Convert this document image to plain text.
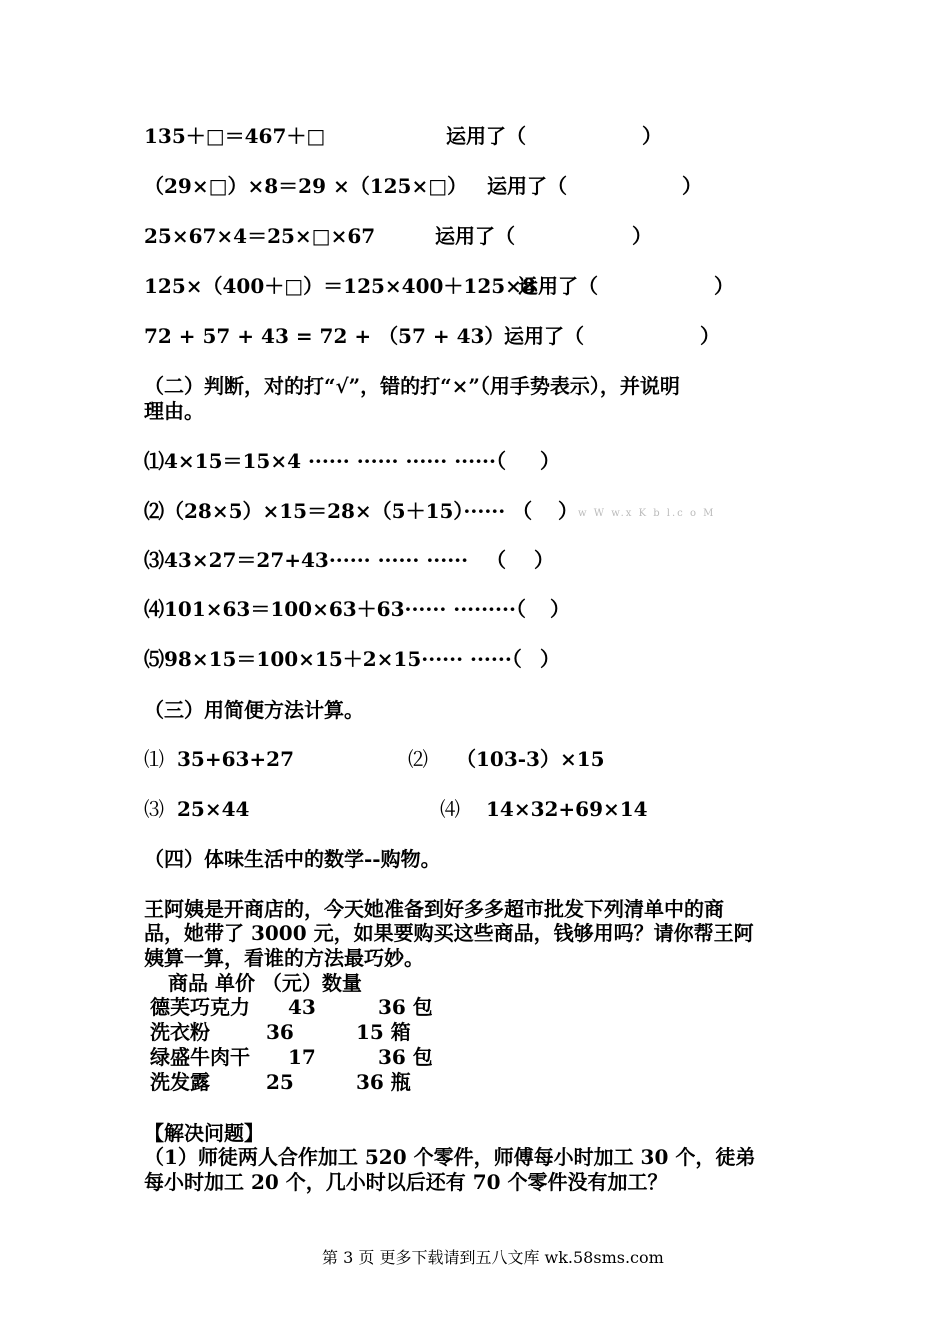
135＋□＝467＋□	运用了（	）
（29×□）×8＝29 ×（125×□） 运用了（	）
25×67×4＝25×□×67	运用了（	）
125×（400＋□）＝125×400＋125×8
运用了（	）
72 + 57 + 43 = 72 + （57 + 43） 运用了（	）
（二）判断，对的打“√”，错的打“×”（用手势表示），并说明
理由。
⑴4×15＝15×4 ······ ······ ······ ······（ ）
⑵（28×5）×15＝28×（5＋15）······ （ ） w W w.x K b l.c o M
⑶43×27＝27+43······ ······ ······ （ ）
⑷101×63＝100×63＋63······ ·········（ ）
⑸98×15＝100×15＋2×15······ ······（ ）
（三）用简便方法计算。
⑴ 35+63+27	⑵ （103-3）×15
⑶ 25×44	⑷ 14×32+69×14
（四）体味生活中的数学--购物。
王阿姨是开商店的，今天她准备到好多多超市批发下列清单中的商
品，她带了 3000 元，如果要购买这些商品，钱够用吗？请你帮王阿
姨算一算，看谁的方法最巧妙。
商品 单价 （元）数量
德芙巧克力 43	36 包
洗衣粉	36	15 箱
绿盛牛肉干 17	36 包
洗发露	25	36 瓶
【解决问题】
（1）师徒两人合作加工 520 个零件，师傅每小时加工 30 个，徒弟
每小时加工 20 个，几小时以后还有 70 个零件没有加工？
第 3 页 更多下载请到五八文库 wk.58sms.com
